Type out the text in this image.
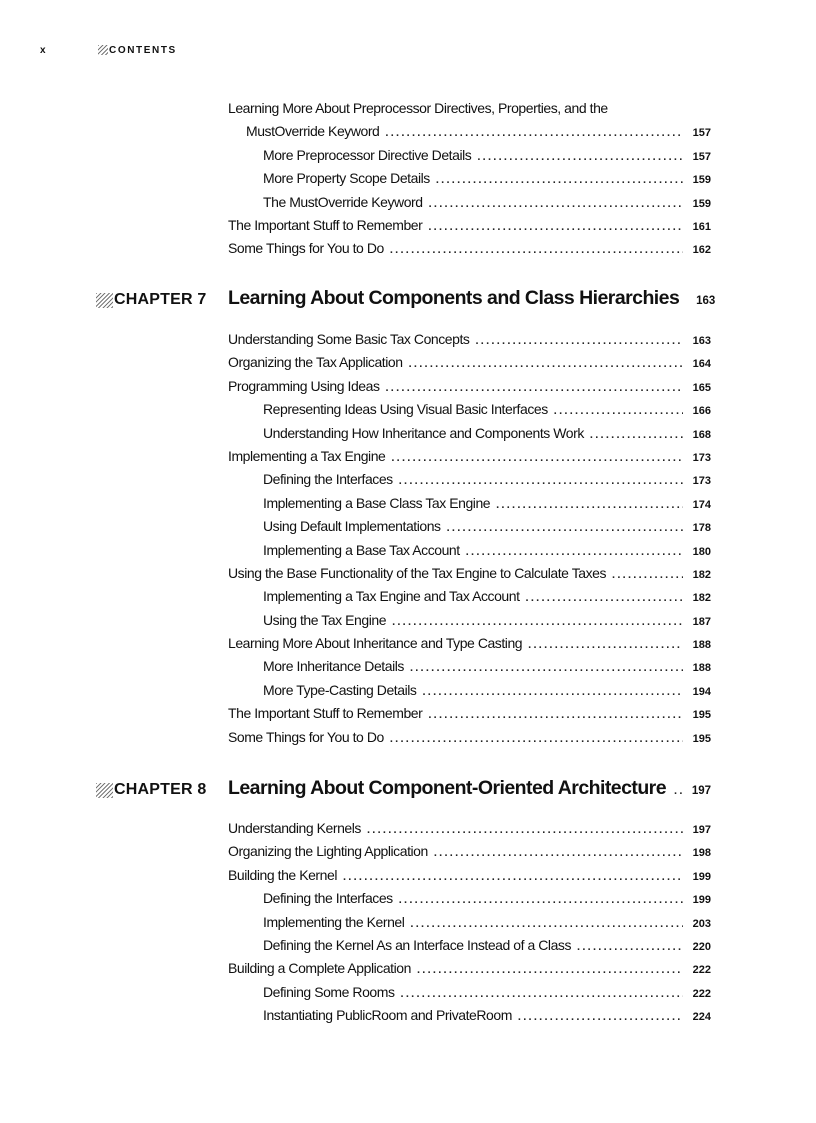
x	CONTENTS
Learning More About Preprocessor Directives, Properties, and the
MustOverride Keyword . . .	157
More Preprocessor Directive Details . . .	157
More Property Scope Details . . .	159
The MustOverride Keyword . . .	159
The Important Stuff to Remember . . .	161
Some Things for You to Do . . .	162
CHAPTER 7 Learning About Components and Class Hierarchies	163
Understanding Some Basic Tax Concepts . . .	163
Organizing the Tax Application . . .	164
Programming Using Ideas . . .	165
Representing Ideas Using Visual Basic Interfaces . . .	166
Understanding How Inheritance and Components Work . . .	168
Implementing a Tax Engine . . .	173
Defining the Interfaces . . .	173
Implementing a Base Class Tax Engine . . .	174
Using Default Implementations . . .	178
Implementing a Base Tax Account . . .	180
Using the Base Functionality of the Tax Engine to Calculate Taxes . . .	182
Implementing a Tax Engine and Tax Account . . .	182
Using the Tax Engine . . .	187
Learning More About Inheritance and Type Casting . . .	188
More Inheritance Details . . .	188
More Type-Casting Details . . .	194
The Important Stuff to Remember . . .	195
Some Things for You to Do . . .	195
CHAPTER 8 Learning About Component-Oriented Architecture . . .	197
Understanding Kernels . . .	197
Organizing the Lighting Application . . .	198
Building the Kernel . . .	199
Defining the Interfaces . . .	199
Implementing the Kernel . . .	203
Defining the Kernel As an Interface Instead of a Class . . .	220
Building a Complete Application . . .	222
Defining Some Rooms . . .	222
Instantiating PublicRoom and PrivateRoom . . .	224
